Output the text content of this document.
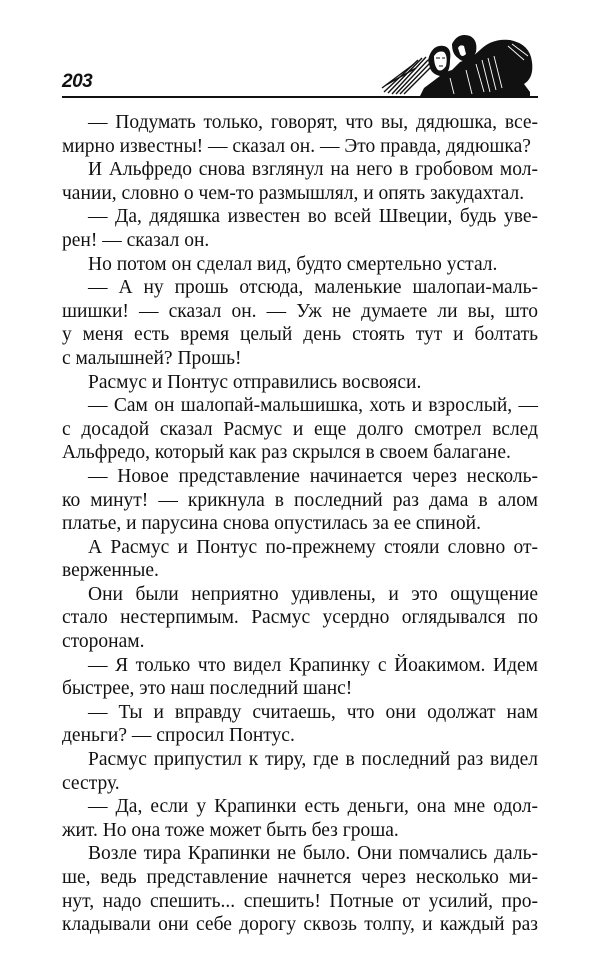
203
— Подумать только, говорят, что вы, дядюшка, все-
мирно известны! — сказал он. — Это правда, дядюшка?
И Альфредо снова взглянул на него в гробовом мол-
чании, словно о чем-то размышлял, и опять закудахтал.
— Да, дядяшка известен во всей Швеции, будь уве-
рен! — сказал он.
Но потом он сделал вид, будто смертельно устал.
— А ну прошь отсюда, маленькие шалопаи-маль-
шишки! — сказал он. — Уж не думаете ли вы, што
у меня есть время целый день стоять тут и болтать
с малышней? Прошь!
Расмус и Понтус отправились восвояси.
— Сам он шалопай-мальшишка, хоть и взрослый, —
с досадой сказал Расмус и еще долго смотрел вслед
Альфредо, который как раз скрылся в своем балагане.
— Новое представление начинается через несколь-
ко минут! — крикнула в последний раз дама в алом
платье, и парусина снова опустилась за ее спиной.
А Расмус и Понтус по-прежнему стояли словно от-
верженные.
Они были неприятно удивлены, и это ощущение
стало нестерпимым. Расмус усердно оглядывался по
сторонам.
— Я только что видел Крапинку с Йоакимом. Идем
быстрее, это наш последний шанс!
— Ты и вправду считаешь, что они одолжат нам
деньги? — спросил Понтус.
Расмус припустил к тиру, где в последний раз видел
сестру.
— Да, если у Крапинки есть деньги, она мне одол-
жит. Но она тоже может быть без гроша.
Возле тира Крапинки не было. Они помчались даль-
ше, ведь представление начнется через несколько ми-
нут, надо спешить... спешить! Потные от усилий, про-
кладывали они себе дорогу сквозь толпу, и каждый раз
